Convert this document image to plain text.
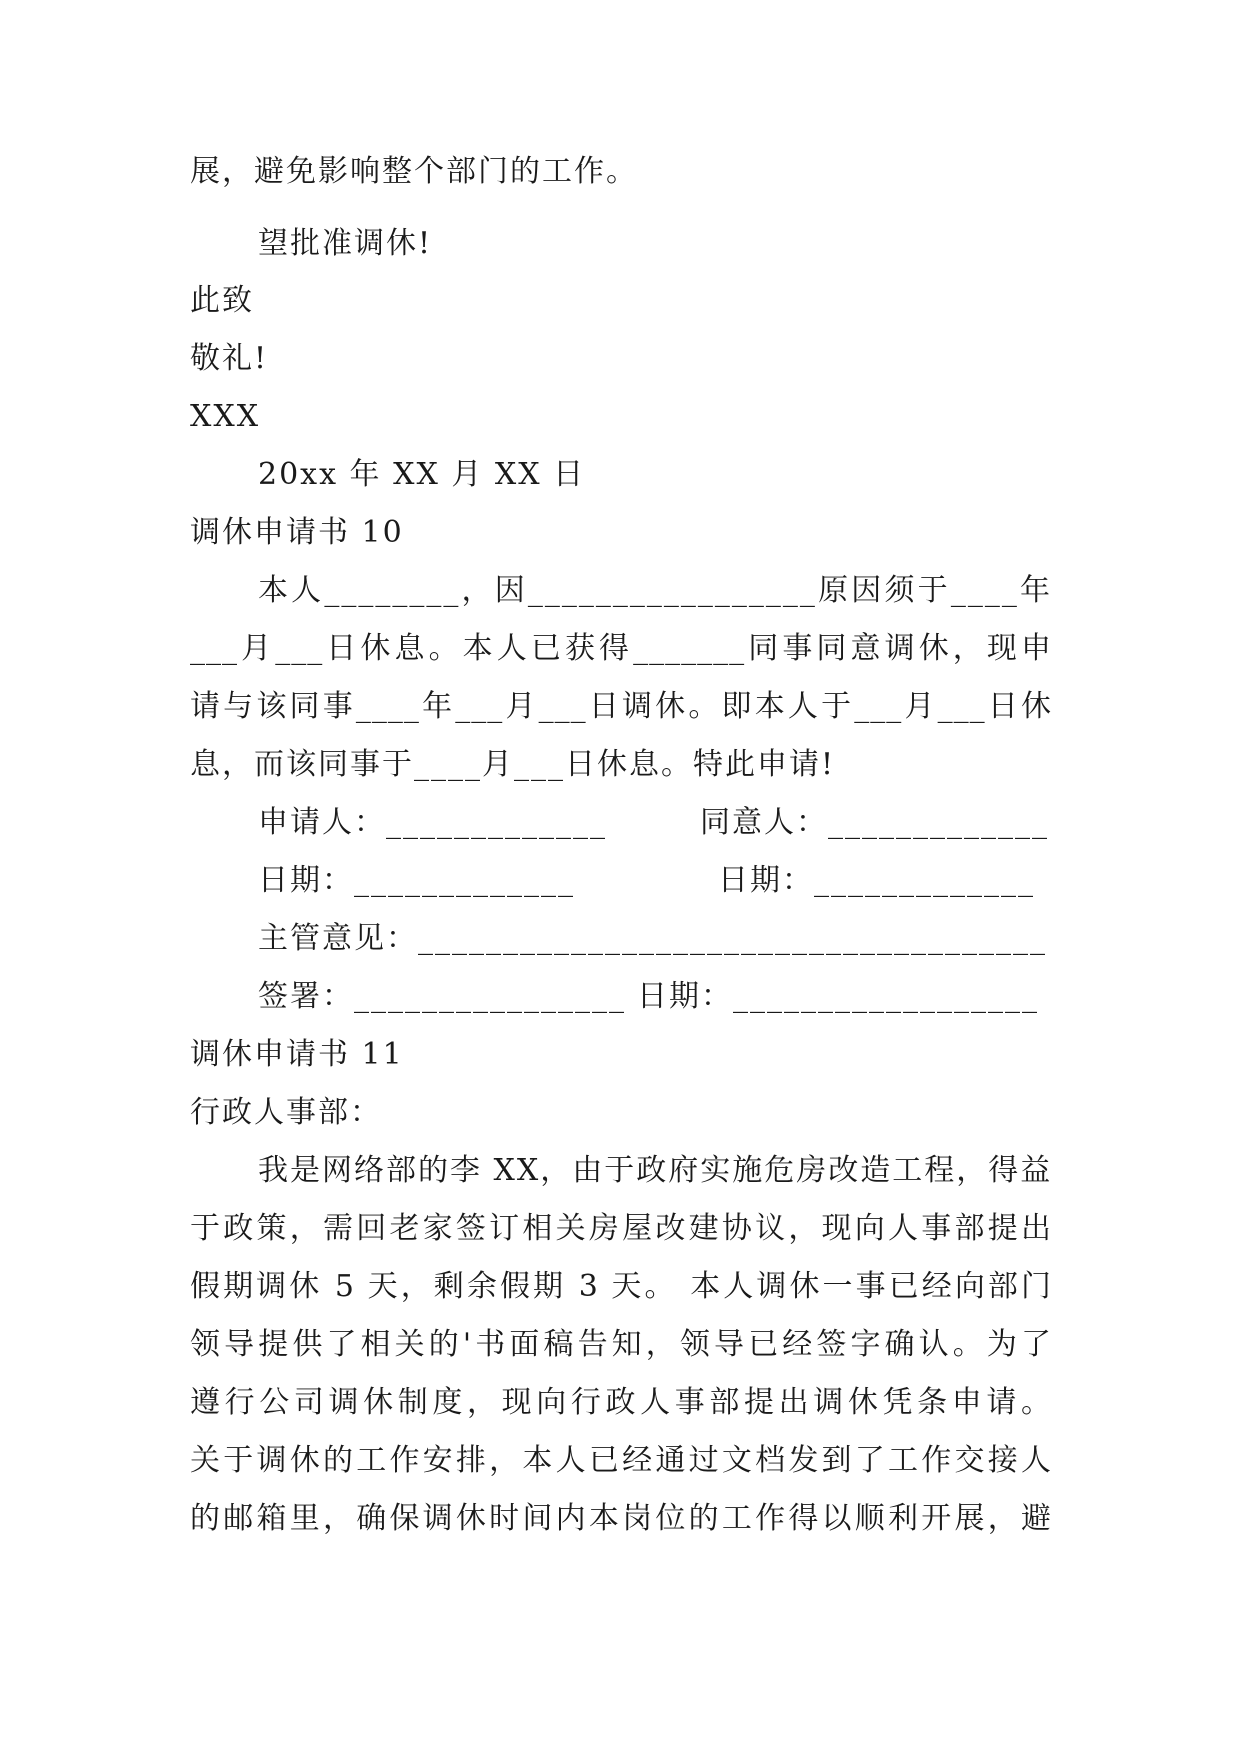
展，避免影响整个部门的工作。
望批准调休!
此致
敬礼!
XXX
20xx 年 XX 月 XX 日
调休申请书 10
本人________，因_________________原因须于____年
___月___日休息。本人已获得_______同事同意调休，现申
请与该同事____年___月___日调休。即本人于___月___日休
息，而该同事于____月___日休息。特此申请!
申请人：_____________	同意人：_____________
日期：_____________	日期：_____________
主管意见：_____________________________________
签署：________________ 日期：__________________
调休申请书 11
行政人事部：
我是网络部的李 XX，由于政府实施危房改造工程，得益
于政策，需回老家签订相关房屋改建协议，现向人事部提出
假期调休 5 天，剩余假期 3 天。 本人调休一事已经向部门
领导提供了相关的'书面稿告知，领导已经签字确认。为了
遵行公司调休制度，现向行政人事部提出调休凭条申请。
关于调休的工作安排，本人已经通过文档发到了工作交接人
的邮箱里，确保调休时间内本岗位的工作得以顺利开展，避
